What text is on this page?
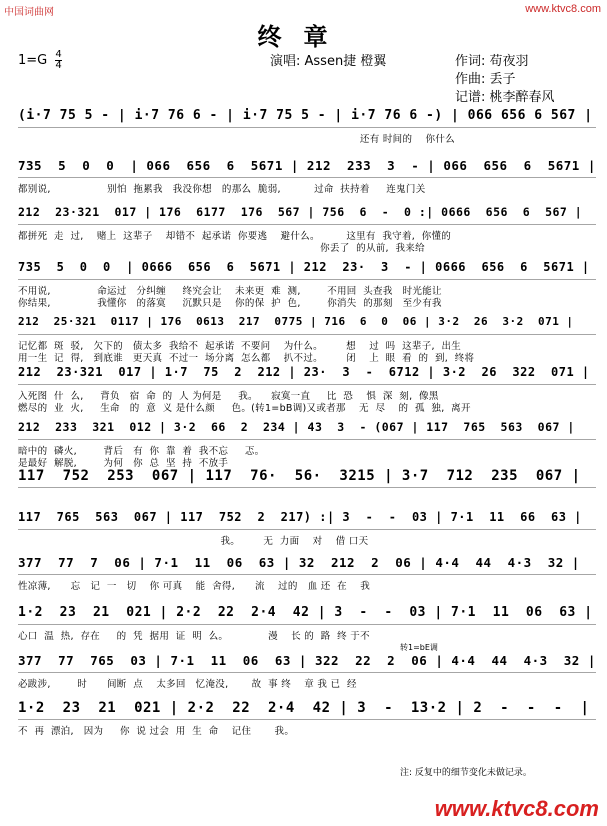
中国词曲网	www.ktvc8.com
终章
$1=G \frac{4}{4}$	演唱: Assen捷 橙翼	作词: 苟夜羽
作曲: 丢子
记谱: 桃李醉春风
(i·7 75 5 - | i·7 76 6 - | i·7 75 5 - | i·7 76 6 -) | 066 656 6 567 |
还有 时间的    你什么
735  5  0  0  | 066  656  6  5671 | 212  233  3  - | 066  656  6  5671 |
都别说,                 别怕  拖累我   我没你想   的那么  脆弱,          过命  扶持着     连鬼门关
212  23·321  017 | 176  6177  176  567 | 756  6  -  0 :| 0666  656  6  567 |
都拼死  走  过,    赌上  这辈子    却错不  起承诺  你要逃    避什么。        这里有  我守着,  你懂的
你丢了  的从前,  我来给
735  5  0  0  | 0666  656  6  5671 | 212  23·  3  - | 0666  656  6  5671 |
不用说,              命运过   分纠缠     终究会让    未来更  难  测,        不用回  头查我   时光能让
你结果,              我懂你   的落寞     沉默只是    你的保  护  色,        你消失  的那刻   至少有我
212  25·321  0117 | 176  0613  217  0775 | 716  6  0  06 | 3·2  26  3·2  071 |
记忆都  斑  驳,   欠下的   债太多  我给不  起承诺  不要问    为什么。       想    过  吗  这辈子,  出生
用一生  记  得,   到底谁   更天真  不过一  场分离  怎么都    扒不过。       闭    上  眼  看  的  到,  终将
212  23·321  017 | 1·7  75  2  212 | 23·  3  -  6712 | 3·2  26  322  071 |
入死图  什  么,     背负   宿  命  的  人 为何是     我。    寂寞一直     比  恐    惧  深  刻,  像黑
燃尽的  业  火,     生命   的  意  义 是什么颜     色。(转1=bB调)又或者那    无  尽    的  孤  独,  离开
212  233  321  012 | 3·2  66  2  234 | 43  3  - (067 | 117  765  563  067 |
暗中的  磷火,        背后   有  你  靠  着  我不忘     忑。
是最好  解脱,        为何   你  总  坚  持  不放手
117  752  253  067 | 117  76·  56·  3215 | 3·7  712  235  067 |
117  765  563  067 | 117  752  2  217) :| 3  -  -  03 | 7·1  11  66  63 |
我。       无  力面    对    借 口天
377  77  7  06 | 7·1  11  06  63 | 32  212  2  06 | 4·4  44  4·3  32 |
性凉薄,      忘   记  一   切    你 可真    能  舍得,      流    过的   血 还  在    我
1·2  23  21  021 | 2·2  22  2·4  42 | 3  -  -  03 | 7·1  11  06  63 |
心口  温  热,  存在     的  凭  据用  证  明  么。            漫    长 的  路  终 于不
377  77  765  03 | 7·1  11  06  63 | 322  22  2  06 | 4·4  44  4·3  32 |
必跋涉,        时      间断  点    太多回   忆淹没,       故  事 终    章 我 已  经
1·2  23  21  021 | 2·2  22  2·4  42 | 3  -  13·2 | 2  -  -  -  |
不  再  漂泊,   因为     你  说 过会  用  生  命    记住       我。
转1=bE调
注: 反复中的细节变化未做记录。
www.ktvc8.com
